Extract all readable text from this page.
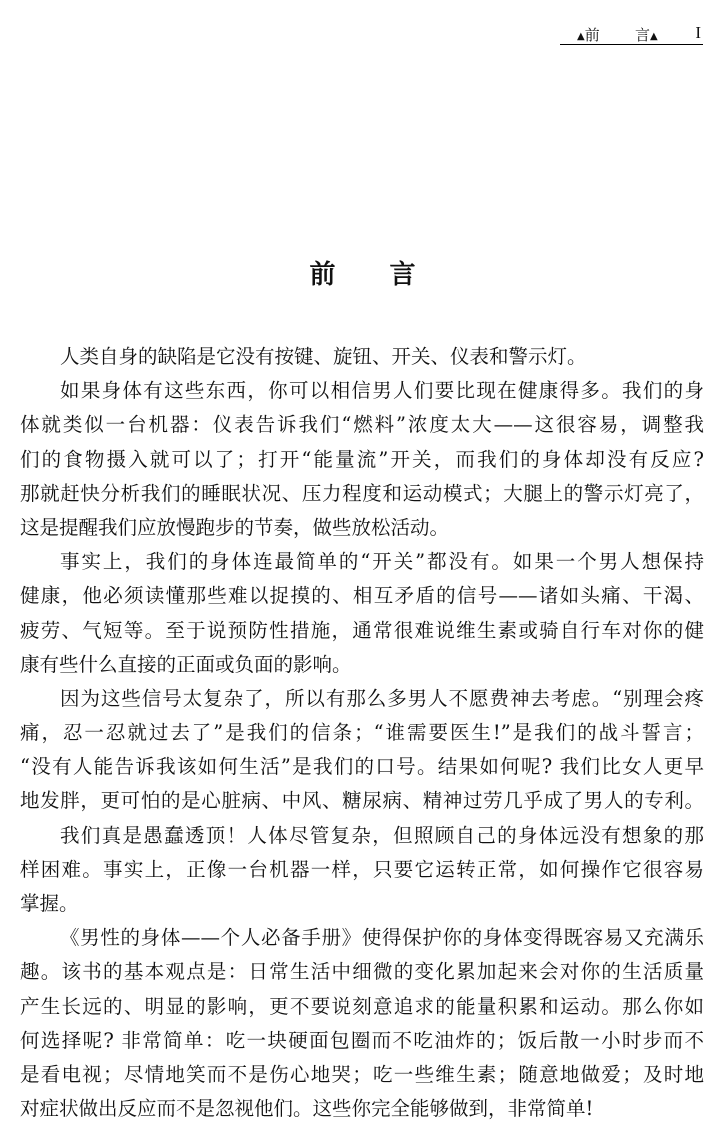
▲前 言▲ I
前 言
人类自身的缺陷是它没有按键、旋钮、开关、仪表和警示灯。
如果身体有这些东西，你可以相信男人们要比现在健康得多。我们的身
体就类似一台机器：仪表告诉我们“燃料”浓度太大——这很容易，调整我
们的食物摄入就可以了；打开“能量流”开关，而我们的身体却没有反应?
那就赶快分析我们的睡眠状况、压力程度和运动模式；大腿上的警示灯亮了，
这是提醒我们应放慢跑步的节奏，做些放松活动。
事实上，我们的身体连最简单的“开关”都没有。如果一个男人想保持
健康，他必须读懂那些难以捉摸的、相互矛盾的信号——诸如头痛、干渴、
疲劳、气短等。至于说预防性措施，通常很难说维生素或骑自行车对你的健
康有些什么直接的正面或负面的影响。
因为这些信号太复杂了，所以有那么多男人不愿费神去考虑。“别理会疼
痛，忍一忍就过去了”是我们的信条；“谁需要医生!”是我们的战斗誓言；
“没有人能告诉我该如何生活”是我们的口号。结果如何呢? 我们比女人更早
地发胖，更可怕的是心脏病、中风、糖尿病、精神过劳几乎成了男人的专利。
我们真是愚蠢透顶！人体尽管复杂，但照顾自己的身体远没有想象的那
样困难。事实上，正像一台机器一样，只要它运转正常，如何操作它很容易
掌握。
《男性的身体——个人必备手册》使得保护你的身体变得既容易又充满乐
趣。该书的基本观点是：日常生活中细微的变化累加起来会对你的生活质量
产生长远的、明显的影响，更不要说刻意追求的能量积累和运动。那么你如
何选择呢? 非常简单：吃一块硬面包圈而不吃油炸的；饭后散一小时步而不
是看电视；尽情地笑而不是伤心地哭；吃一些维生素；随意地做爱；及时地
对症状做出反应而不是忽视他们。这些你完全能够做到，非常简单!
